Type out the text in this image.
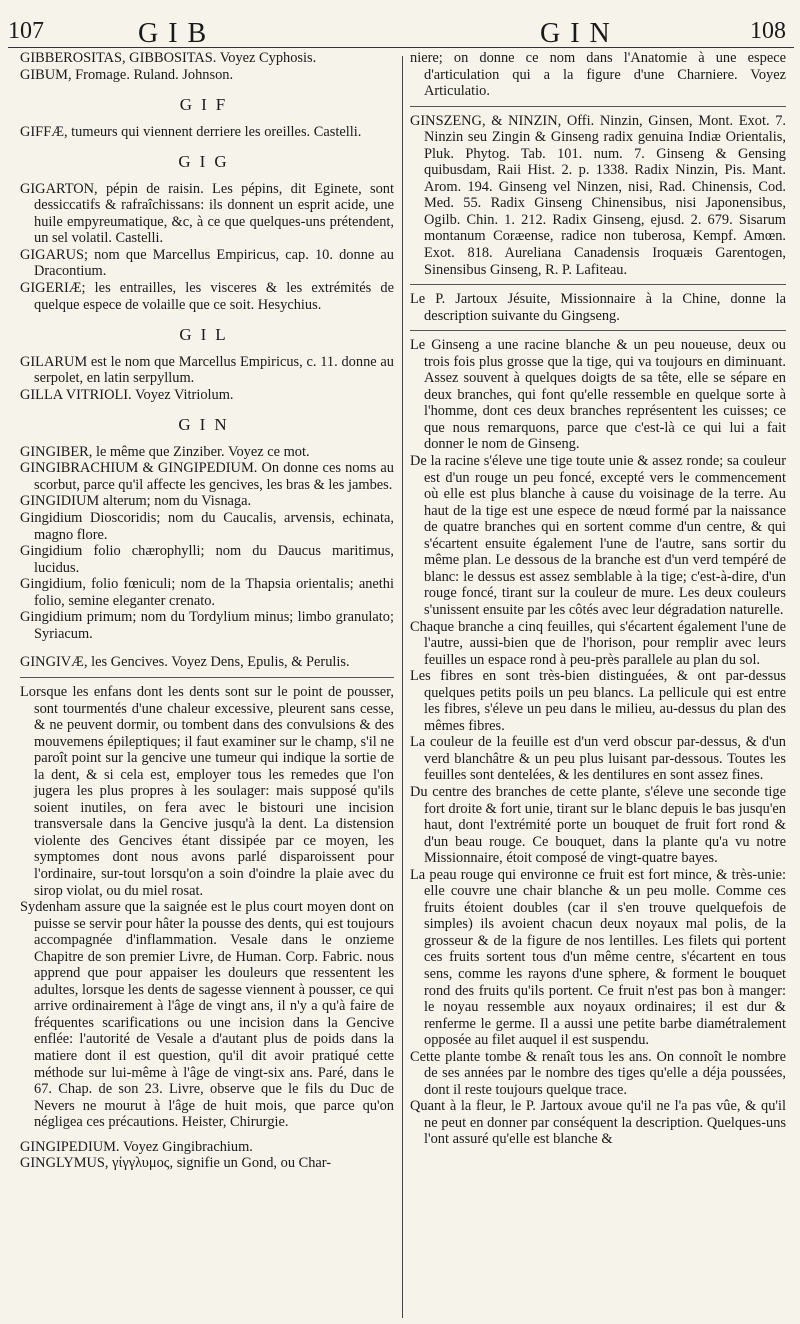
107	GIB	GIN	108

GIBBEROSITAS, GIBBOSITAS. Voyez Cyphosis.

GIBUM, Fromage. Ruland. Johnson.

GIF

GIFFÆ, tumeurs qui viennent derriere les oreilles. Castelli.

GIG

GIGARTON, pépin de raisin. Les pépins, dit Eginete, sont dessiccatifs & rafraîchissans: ils donnent un esprit acide, une huile empyreumatique, &c, à ce que quelques-uns prétendent, un sel volatil. Castelli.

GIGARUS; nom que Marcellus Empiricus, cap. 10. donne au Dracontium.

GIGERIÆ; les entrailles, les visceres & les extrémités de quelque espece de volaille que ce soit. Hesychius.

GIL

GILARUM est le nom que Marcellus Empiricus, c. 11. donne au serpolet, en latin serpyllum.

GILLA VITRIOLI. Voyez Vitriolum.

GIN

GINGIBER, le même que Zinziber. Voyez ce mot.

GINGIBRACHIUM & GINGIPEDIUM. On donne ces noms au scorbut, parce qu'il affecte les gencives, les bras & les jambes.

GINGIDIUM alterum; nom du Visnaga.

Gingidium Dioscoridis; nom du Caucalis, arvensis, echinata, magno flore.

Gingidium folio chærophylli; nom du Daucus maritimus, lucidus.

Gingidium, folio fœniculi; nom de la Thapsia orientalis; anethi folio, semine eleganter crenato.

Gingidium primum; nom du Tordylium minus; limbo granulato; Syriacum.

GINGIVÆ, les Gencives. Voyez Dens, Epulis, & Perulis.

Lorsque les enfans dont les dents sont sur le point de pousser, sont tourmentés d'une chaleur excessive, pleurent sans cesse, & ne peuvent dormir, ou tombent dans des convulsions & des mouvemens épileptiques; il faut examiner sur le champ, s'il ne paroît point sur la gencive une tumeur qui indique la sortie de la dent, & si cela est, employer tous les remedes que l'on jugera les plus propres à les soulager: mais supposé qu'ils soient inutiles, on fera avec le bistouri une incision transversale dans la Gencive jusqu'à la dent. La distension violente des Gencives étant dissipée par ce moyen, les symptomes dont nous avons parlé disparoissent pour l'ordinaire, sur-tout lorsqu'on a soin d'oindre la plaie avec du sirop violat, ou du miel rosat.

Sydenham assure que la saignée est le plus court moyen dont on puisse se servir pour hâter la pousse des dents, qui est toujours accompagnée d'inflammation. Vesale dans le onzieme Chapitre de son premier Livre, de Human. Corp. Fabric. nous apprend que pour appaiser les douleurs que ressentent les adultes, lorsque les dents de sagesse viennent à pousser, ce qui arrive ordinairement à l'âge de vingt ans, il n'y a qu'à faire de fréquentes scarifications ou une incision dans la Gencive enflée: l'autorité de Vesale a d'autant plus de poids dans la matiere dont il est question, qu'il dit avoir pratiqué cette méthode sur lui-même à l'âge de vingt-six ans. Paré, dans le 67. Chap. de son 23. Livre, observe que le fils du Duc de Nevers ne mourut à l'âge de huit mois, que parce qu'on négligea ces précautions. Heister, Chirurgie.

GINGIPEDIUM. Voyez Gingibrachium.

GINGLYMUS, γίγγλυμος, signifie un Gond, ou Char-

niere; on donne ce nom dans l'Anatomie à une espece d'articulation qui a la figure d'une Charniere. Voyez Articulatio.

GINSZENG, & NINZIN, Offi. Ninzin, Ginsen, Mont. Exot. 7. Ninzin seu Zingin & Ginseng radix genuina Indiæ Orientalis, Pluk. Phytog. Tab. 101. num. 7. Ginseng & Gensing quibusdam, Raii Hist. 2. p. 1338. Radix Ninzin, Pis. Mant. Arom. 194. Ginseng vel Ninzen, nisi, Rad. Chinensis, Cod. Med. 55. Radix Ginseng Chinensibus, nisi Japonensibus, Ogilb. Chin. 1. 212. Radix Ginseng, ejusd. 2. 679. Sisarum montanum Coræense, radice non tuberosa, Kempf. Amœn. Exot. 818. Aureliana Canadensis Iroquæis Garentogen, Sinensibus Ginseng, R. P. Lafiteau.

Le P. Jartoux Jésuite, Missionnaire à la Chine, donne la description suivante du Gingseng.

Le Ginseng a une racine blanche & un peu noueuse, deux ou trois fois plus grosse que la tige, qui va toujours en diminuant. Assez souvent à quelques doigts de sa tête, elle se sépare en deux branches, qui font qu'elle ressemble en quelque sorte à l'homme, dont ces deux branches représentent les cuisses; ce que nous remarquons, parce que c'est-là ce qui lui a fait donner le nom de Ginseng.

De la racine s'éleve une tige toute unie & assez ronde; sa couleur est d'un rouge un peu foncé, excepté vers le commencement où elle est plus blanche à cause du voisinage de la terre. Au haut de la tige est une espece de nœud formé par la naissance de quatre branches qui en sortent comme d'un centre, & qui s'écartent ensuite également l'une de l'autre, sans sortir du même plan. Le dessous de la branche est d'un verd tempéré de blanc: le dessus est assez semblable à la tige; c'est-à-dire, d'un rouge foncé, tirant sur la couleur de mure. Les deux couleurs s'unissent ensuite par les côtés avec leur dégradation naturelle.

Chaque branche a cinq feuilles, qui s'écartent également l'une de l'autre, aussi-bien que de l'horison, pour remplir avec leurs feuilles un espace rond à peu-près parallele au plan du sol.

Les fibres en sont très-bien distinguées, & ont par-dessus quelques petits poils un peu blancs. La pellicule qui est entre les fibres, s'éleve un peu dans le milieu, au-dessus du plan des mêmes fibres.

La couleur de la feuille est d'un verd obscur par-dessus, & d'un verd blanchâtre & un peu plus luisant par-dessous. Toutes les feuilles sont dentelées, & les dentilures en sont assez fines.

Du centre des branches de cette plante, s'éleve une seconde tige fort droite & fort unie, tirant sur le blanc depuis le bas jusqu'en haut, dont l'extrémité porte un bouquet de fruit fort rond & d'un beau rouge. Ce bouquet, dans la plante qu'a vu notre Missionnaire, étoit composé de vingt-quatre bayes.

La peau rouge qui environne ce fruit est fort mince, & très-unie: elle couvre une chair blanche & un peu molle. Comme ces fruits étoient doubles (car il s'en trouve quelquefois de simples) ils avoient chacun deux noyaux mal polis, de la grosseur & de la figure de nos lentilles. Les filets qui portent ces fruits sortent tous d'un même centre, s'écartent en tous sens, comme les rayons d'une sphere, & forment le bouquet rond des fruits qu'ils portent. Ce fruit n'est pas bon à manger: le noyau ressemble aux noyaux ordinaires; il est dur & renferme le germe. Il a aussi une petite barbe diamétralement opposée au filet auquel il est suspendu.

Cette plante tombe & renaît tous les ans. On connoît le nombre de ses années par le nombre des tiges qu'elle a déja poussées, dont il reste toujours quelque trace.

Quant à la fleur, le P. Jartoux avoue qu'il ne l'a pas vûe, & qu'il ne peut en donner par conséquent la description. Quelques-uns l'ont assuré qu'elle est blanche &
